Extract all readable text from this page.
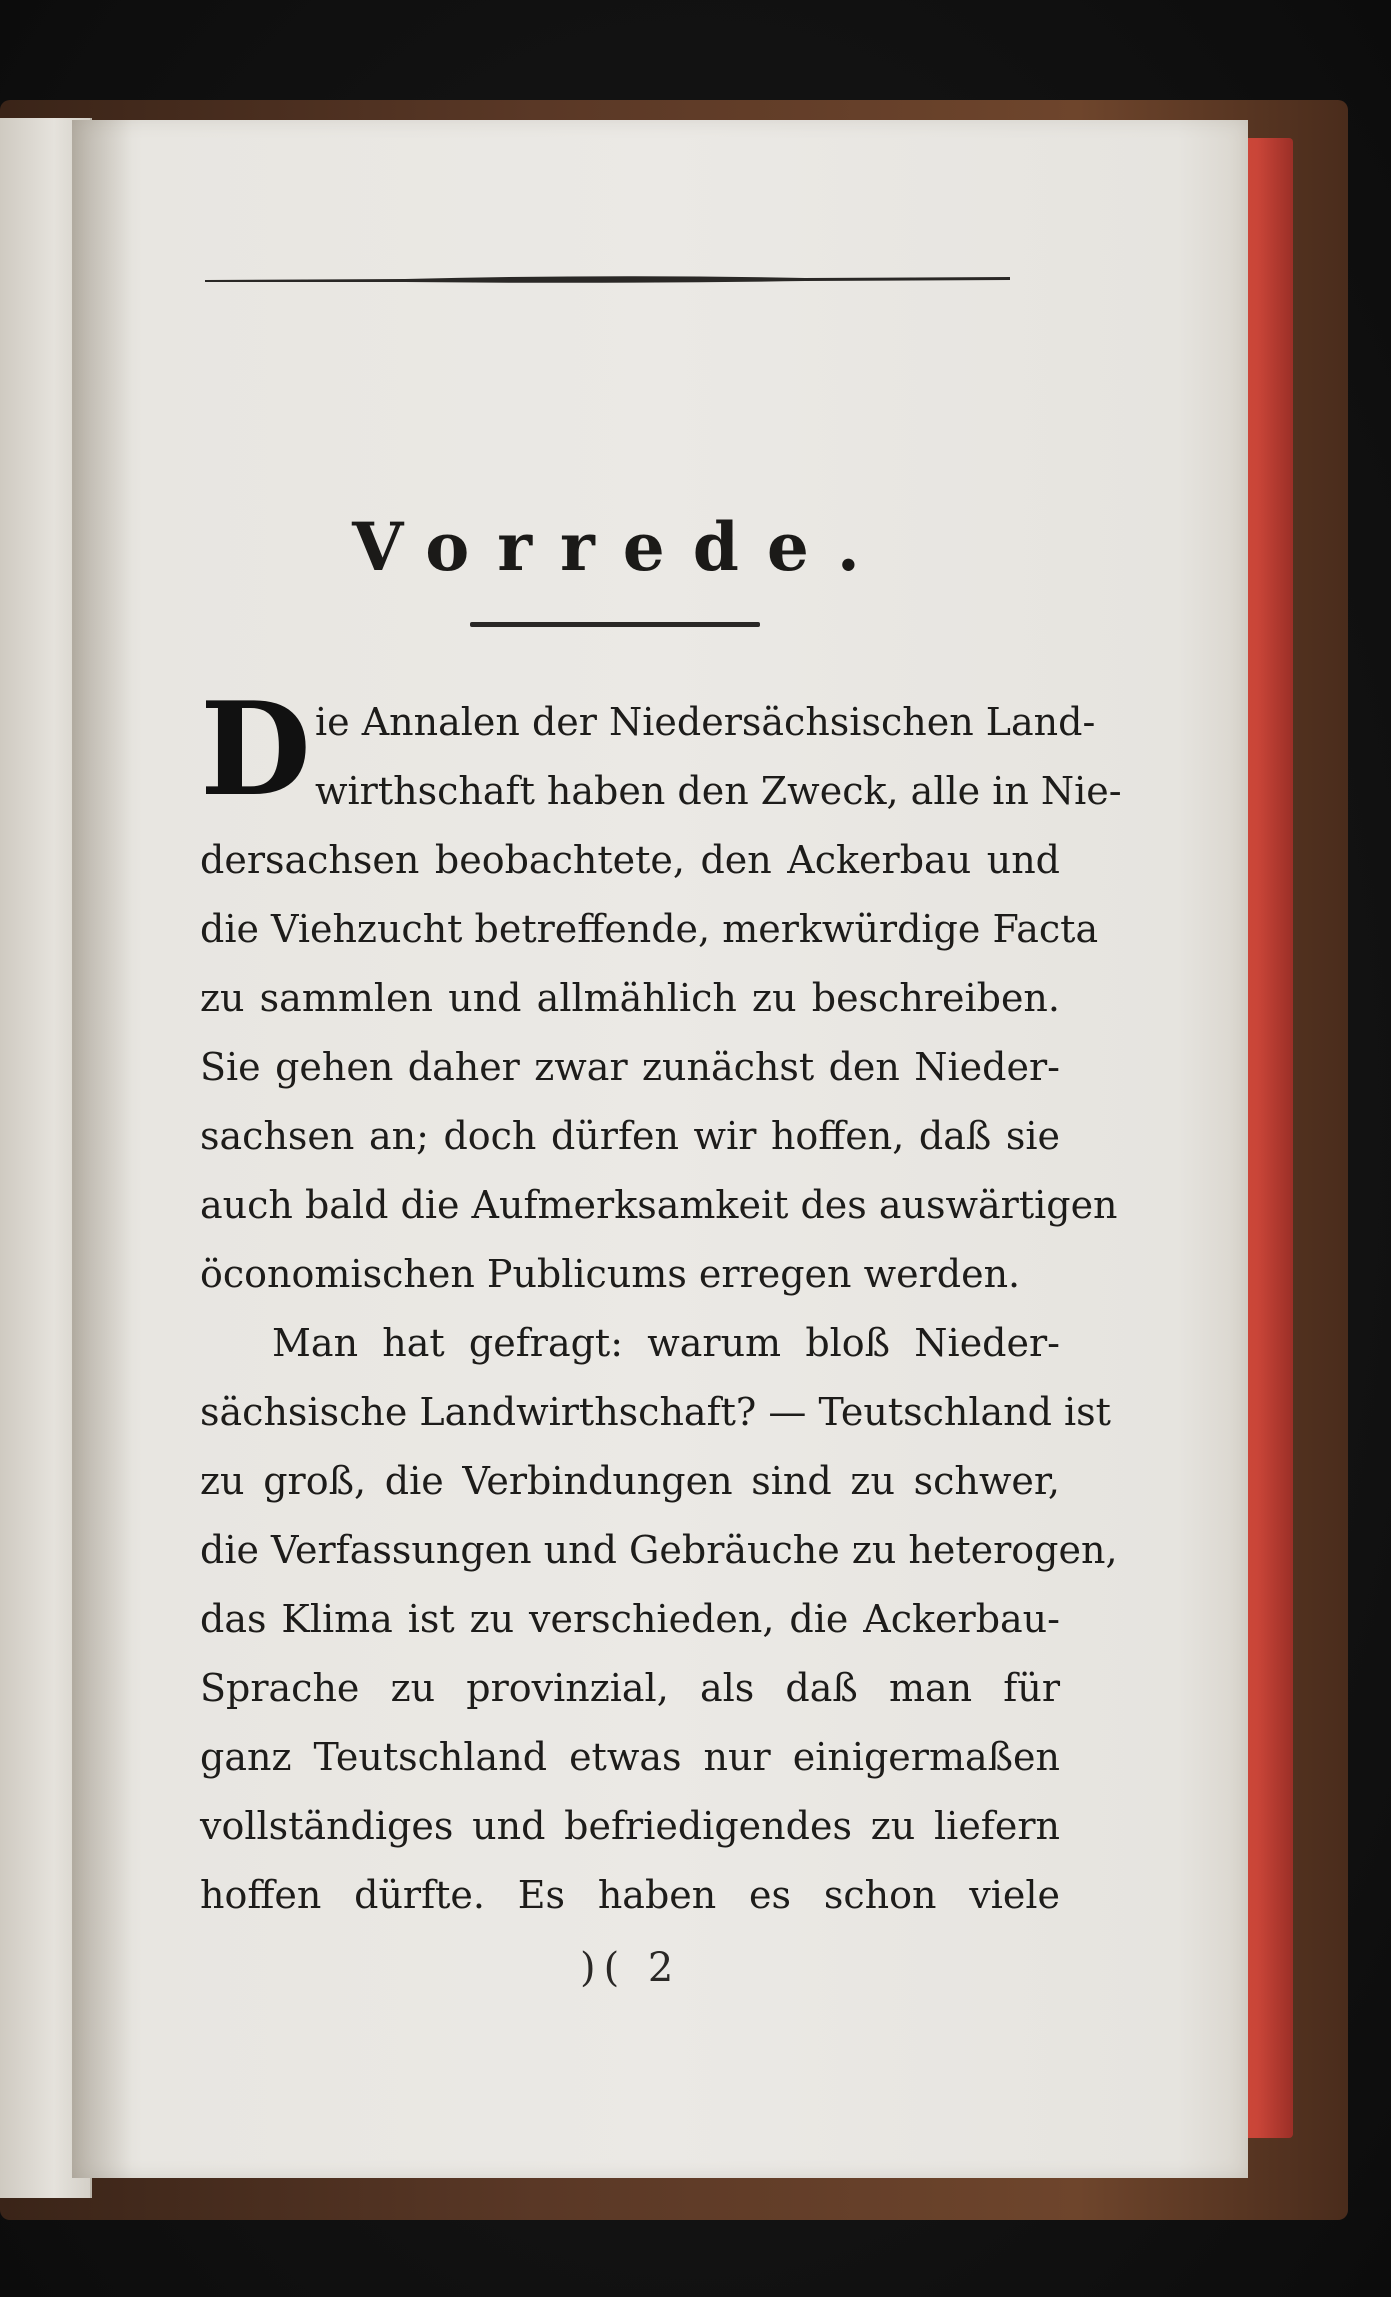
Vorrede.
D ie Annalen der Niedersächsischen Land-
wirthschaft haben den Zweck, alle in Nie-
dersachsen beobachtete, den Ackerbau und
die Viehzucht betreffende, merkwürdige Facta
zu sammlen und allmählich zu beschreiben.
Sie gehen daher zwar zunächst den Nieder-
sachsen an; doch dürfen wir hoffen, daß sie
auch bald die Aufmerksamkeit des auswärtigen
öconomischen Publicums erregen werden.
Man hat gefragt: warum bloß Nieder-
sächsische Landwirthschaft? — Teutschland ist
zu groß, die Verbindungen sind zu schwer,
die Verfassungen und Gebräuche zu heterogen,
das Klima ist zu verschieden, die Ackerbau-
Sprache zu provinzial, als daß man für
ganz Teutschland etwas nur einigermaßen
vollständiges und befriedigendes zu liefern
hoffen dürfte. Es haben es schon viele
)( 2
